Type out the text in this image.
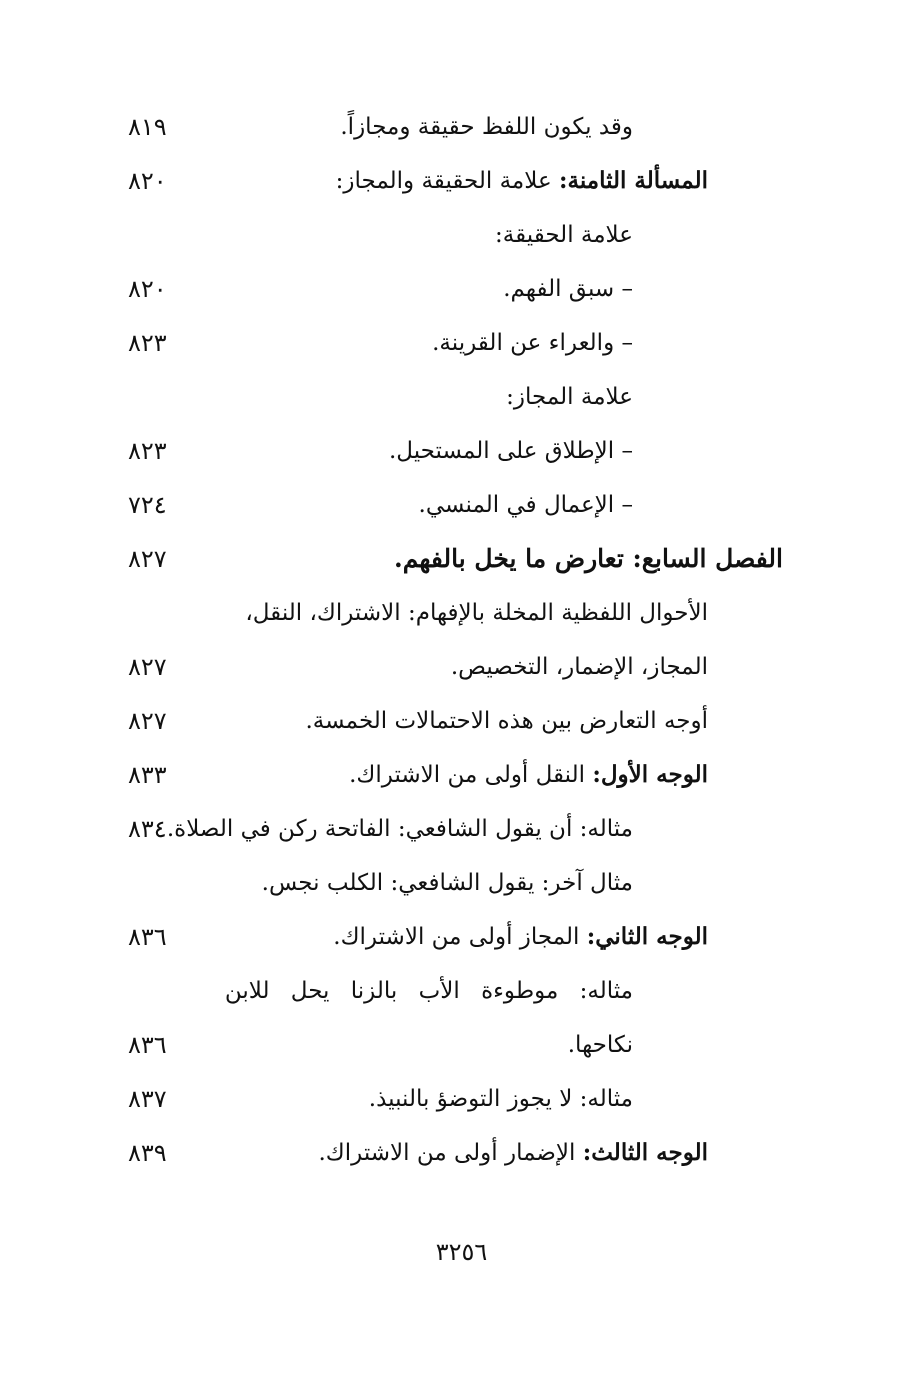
وقد يكون اللفظ حقيقة ومجازاً.
٨١٩
المسألة الثامنة: علامة الحقيقة والمجاز:
٨٢٠
علامة الحقيقة:
– سبق الفهم.
٨٢٠
– والعراء عن القرينة.
٨٢٣
علامة المجاز:
– الإطلاق على المستحيل.
٨٢٣
– الإعمال في المنسي.
٧٢٤
الفصل السابع: تعارض ما يخل بالفهم.
٨٢٧
الأحوال اللفظية المخلة بالإفهام: الاشتراك، النقل،
المجاز، الإضمار، التخصيص.
٨٢٧
أوجه التعارض بين هذه الاحتمالات الخمسة.
٨٢٧
الوجه الأول: النقل أولى من الاشتراك.
٨٣٣
مثاله: أن يقول الشافعي: الفاتحة ركن في الصلاة.
٨٣٤
مثال آخر: يقول الشافعي: الكلب نجس.
الوجه الثاني: المجاز أولى من الاشتراك.
٨٣٦
مثاله: موطوءة الأب بالزنا يحل للابن
نكاحها.
٨٣٦
مثاله: لا يجوز التوضؤ بالنبيذ.
٨٣٧
الوجه الثالث: الإضمار أولى من الاشتراك.
٨٣٩
٣٢٥٦
